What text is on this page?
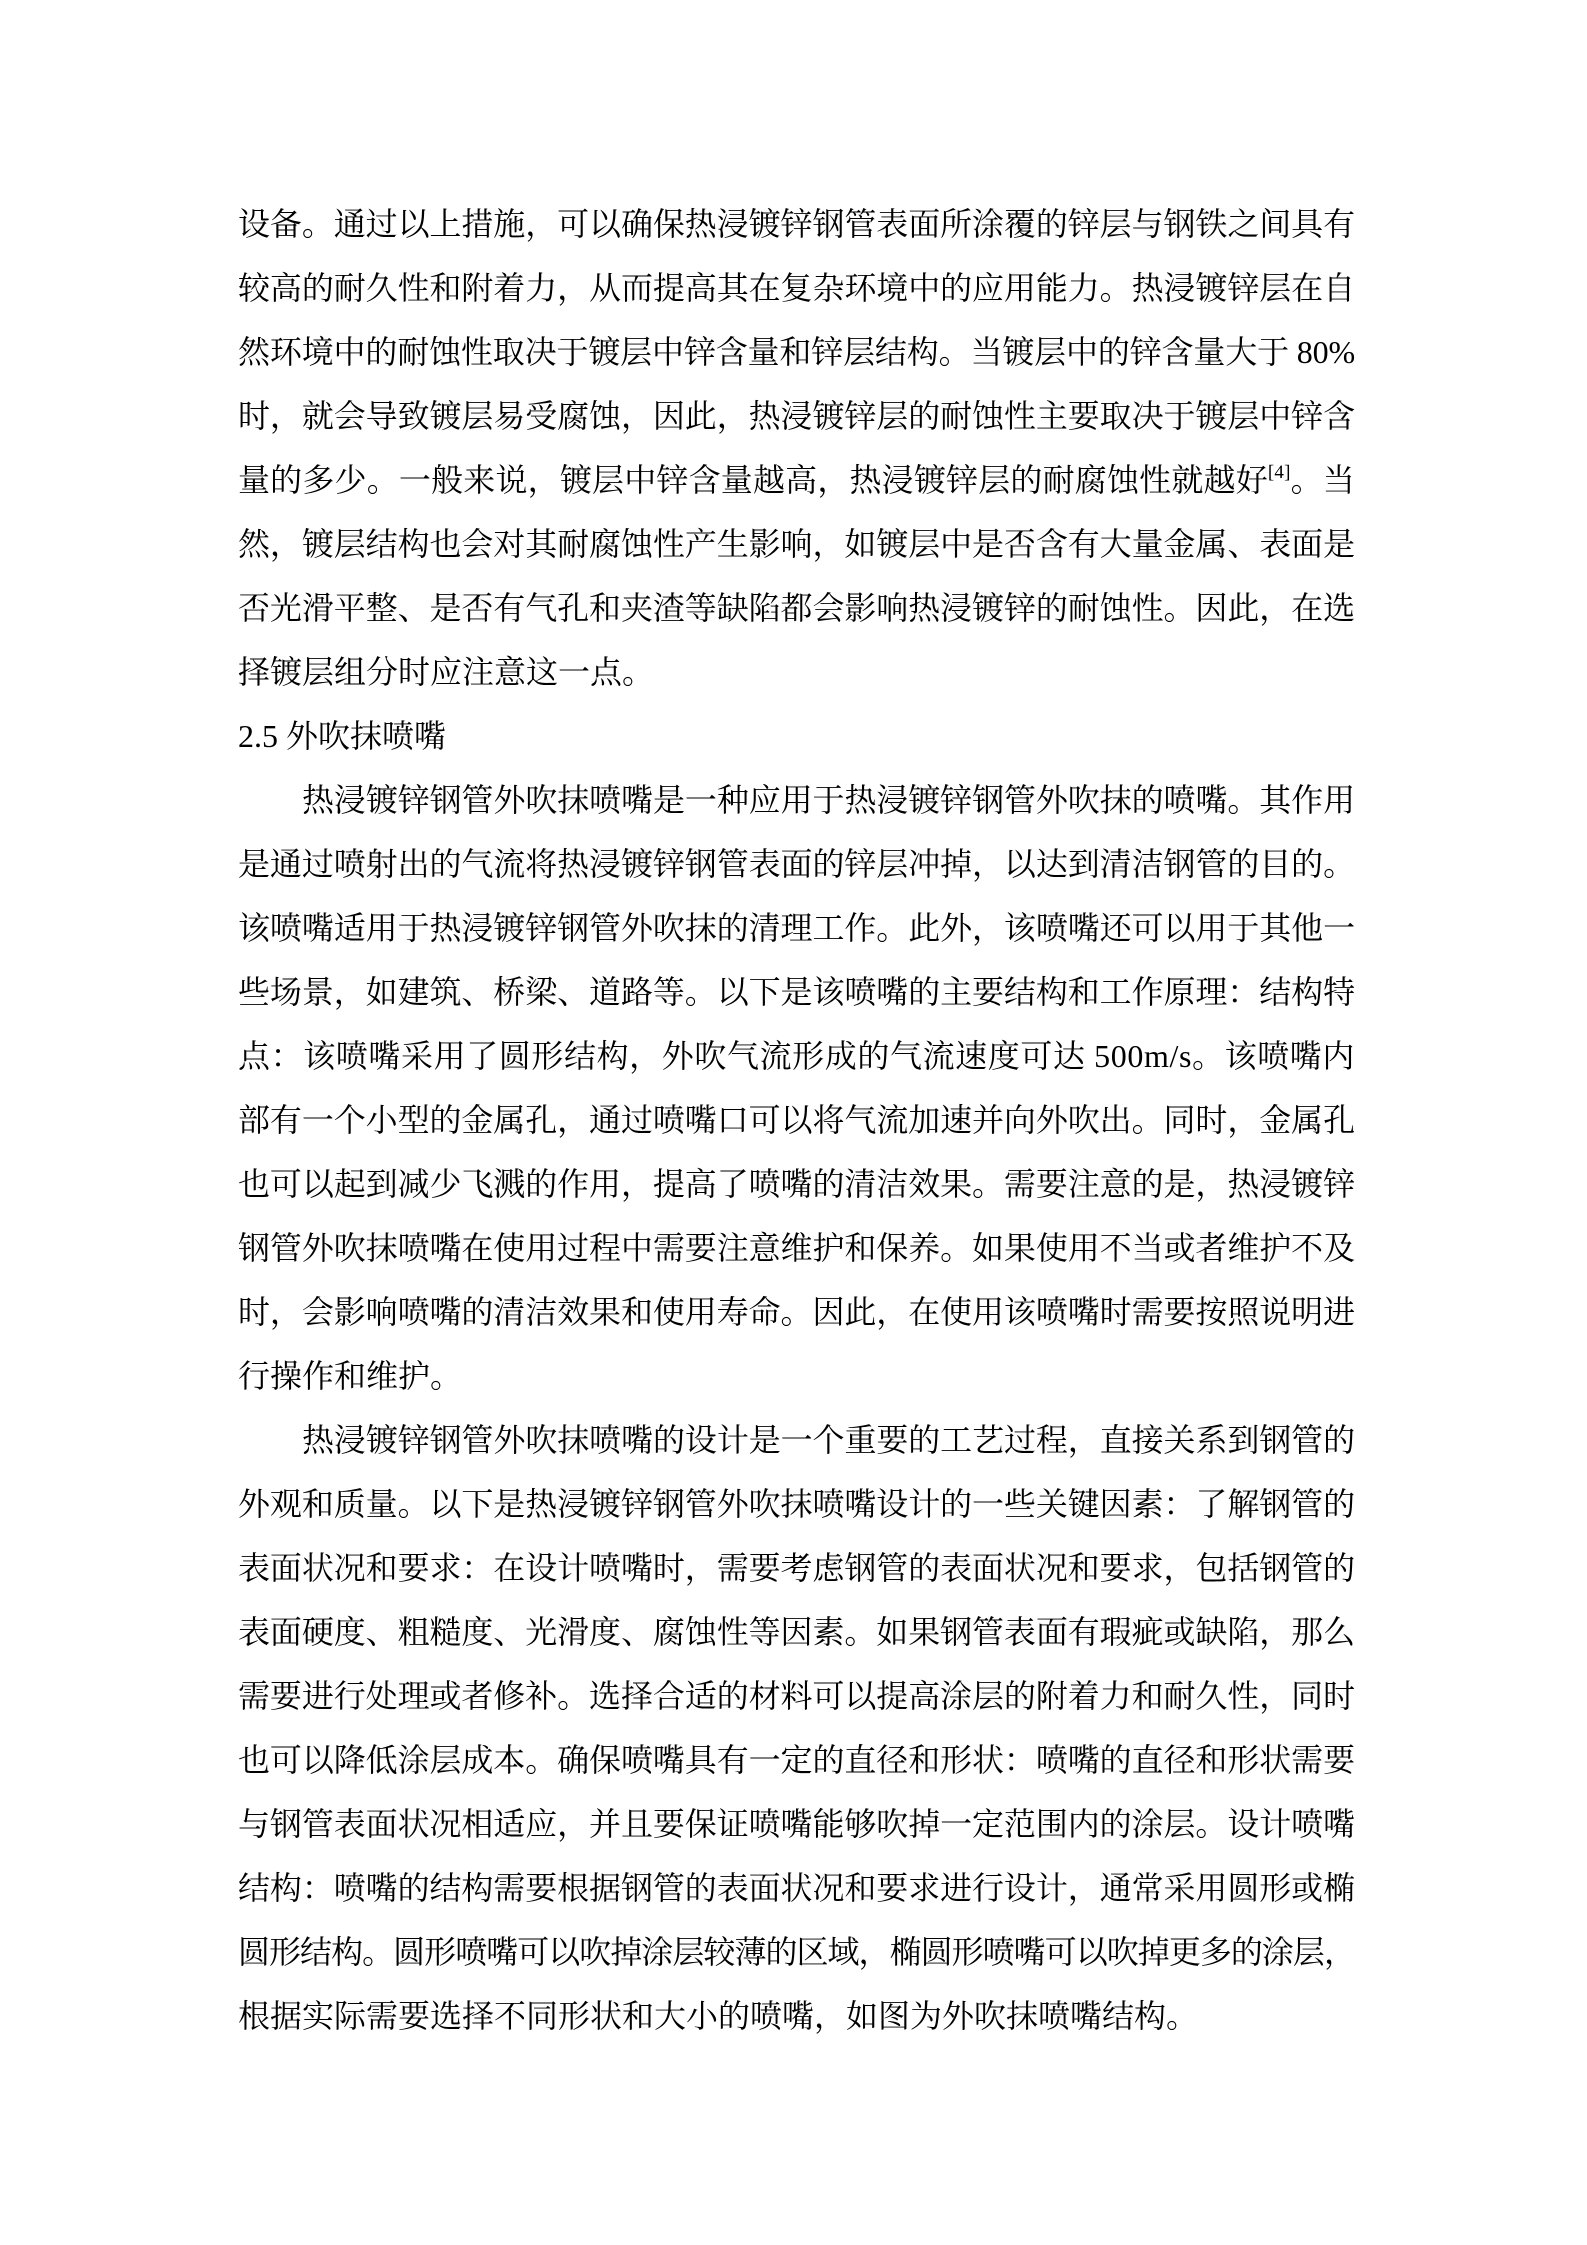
设备。通过以上措施，可以确保热浸镀锌钢管表面所涂覆的锌层与钢铁之间具有
较高的耐久性和附着力，从而提高其在复杂环境中的应用能力。热浸镀锌层在自
然环境中的耐蚀性取决于镀层中锌含量和锌层结构。当镀层中的锌含量大于 80%
时，就会导致镀层易受腐蚀，因此，热浸镀锌层的耐蚀性主要取决于镀层中锌含
量的多少。一般来说，镀层中锌含量越高，热浸镀锌层的耐腐蚀性就越好[4]。当
然，镀层结构也会对其耐腐蚀性产生影响，如镀层中是否含有大量金属、表面是
否光滑平整、是否有气孔和夹渣等缺陷都会影响热浸镀锌的耐蚀性。因此，在选
择镀层组分时应注意这一点。
2.5 外吹抹喷嘴
热浸镀锌钢管外吹抹喷嘴是一种应用于热浸镀锌钢管外吹抹的喷嘴。其作用
是通过喷射出的气流将热浸镀锌钢管表面的锌层冲掉，以达到清洁钢管的目的。
该喷嘴适用于热浸镀锌钢管外吹抹的清理工作。此外，该喷嘴还可以用于其他一
些场景，如建筑、桥梁、道路等。以下是该喷嘴的主要结构和工作原理：结构特
点：该喷嘴采用了圆形结构，外吹气流形成的气流速度可达 500m/s。该喷嘴内
部有一个小型的金属孔，通过喷嘴口可以将气流加速并向外吹出。同时，金属孔
也可以起到减少飞溅的作用，提高了喷嘴的清洁效果。需要注意的是，热浸镀锌
钢管外吹抹喷嘴在使用过程中需要注意维护和保养。如果使用不当或者维护不及
时，会影响喷嘴的清洁效果和使用寿命。因此，在使用该喷嘴时需要按照说明进
行操作和维护。
热浸镀锌钢管外吹抹喷嘴的设计是一个重要的工艺过程，直接关系到钢管的
外观和质量。以下是热浸镀锌钢管外吹抹喷嘴设计的一些关键因素：了解钢管的
表面状况和要求：在设计喷嘴时，需要考虑钢管的表面状况和要求，包括钢管的
表面硬度、粗糙度、光滑度、腐蚀性等因素。如果钢管表面有瑕疵或缺陷，那么
需要进行处理或者修补。选择合适的材料可以提高涂层的附着力和耐久性，同时
也可以降低涂层成本。确保喷嘴具有一定的直径和形状：喷嘴的直径和形状需要
与钢管表面状况相适应，并且要保证喷嘴能够吹掉一定范围内的涂层。设计喷嘴
结构：喷嘴的结构需要根据钢管的表面状况和要求进行设计，通常采用圆形或椭
圆形结构。圆形喷嘴可以吹掉涂层较薄的区域，椭圆形喷嘴可以吹掉更多的涂层，
根据实际需要选择不同形状和大小的喷嘴，如图为外吹抹喷嘴结构。
